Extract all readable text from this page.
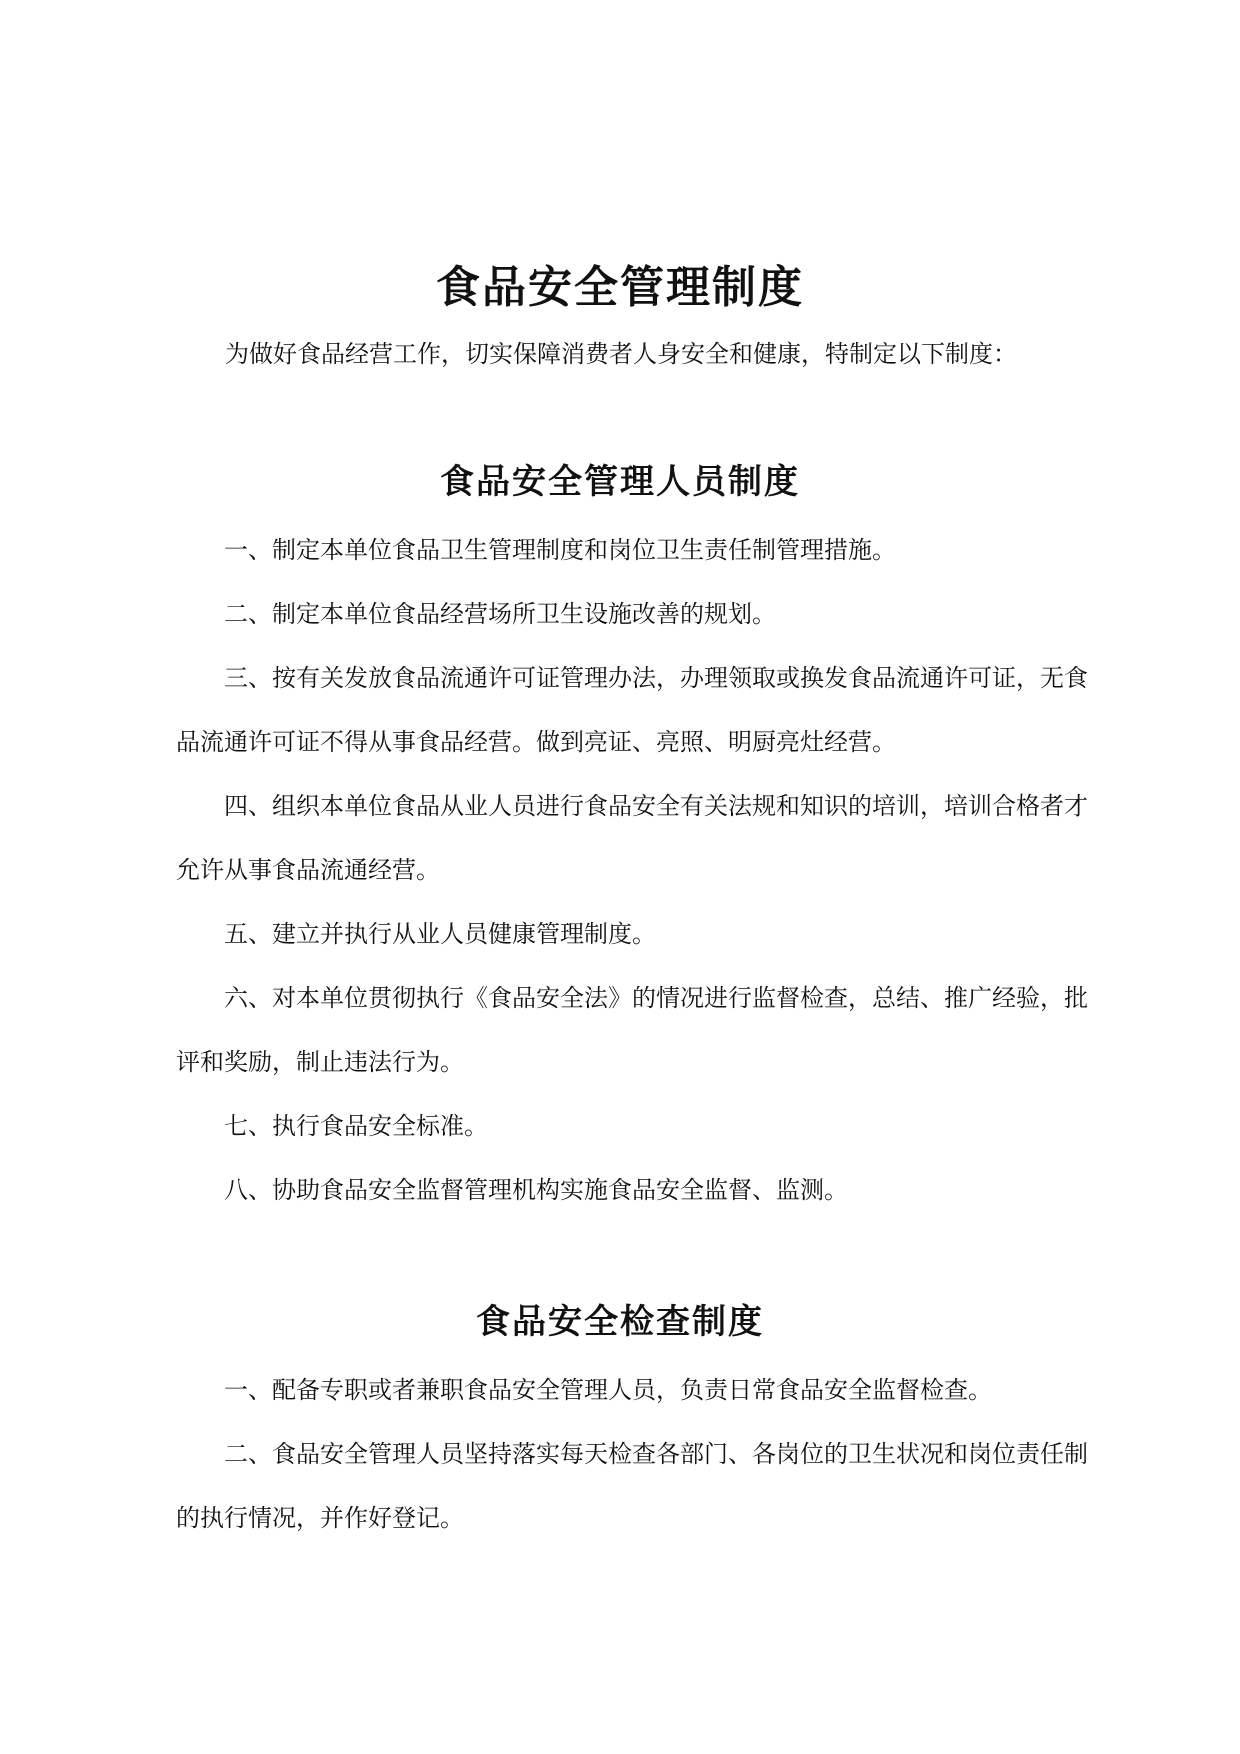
食品安全管理制度

为做好食品经营工作，切实保障消费者人身安全和健康，特制定以下制度：

食品安全管理人员制度

一、制定本单位食品卫生管理制度和岗位卫生责任制管理措施。

二、制定本单位食品经营场所卫生设施改善的规划。

三、按有关发放食品流通许可证管理办法，办理领取或换发食品流通许可证，无食品流通许可证不得从事食品经营。做到亮证、亮照、明厨亮灶经营。

四、组织本单位食品从业人员进行食品安全有关法规和知识的培训，培训合格者才允许从事食品流通经营。

五、建立并执行从业人员健康管理制度。

六、对本单位贯彻执行《食品安全法》的情况进行监督检查，总结、推广经验，批评和奖励，制止违法行为。

七、执行食品安全标准。

八、协助食品安全监督管理机构实施食品安全监督、监测。

食品安全检查制度

一、配备专职或者兼职食品安全管理人员，负责日常食品安全监督检查。

二、食品安全管理人员坚持落实每天检查各部门、各岗位的卫生状况和岗位责任制的执行情况，并作好登记。
